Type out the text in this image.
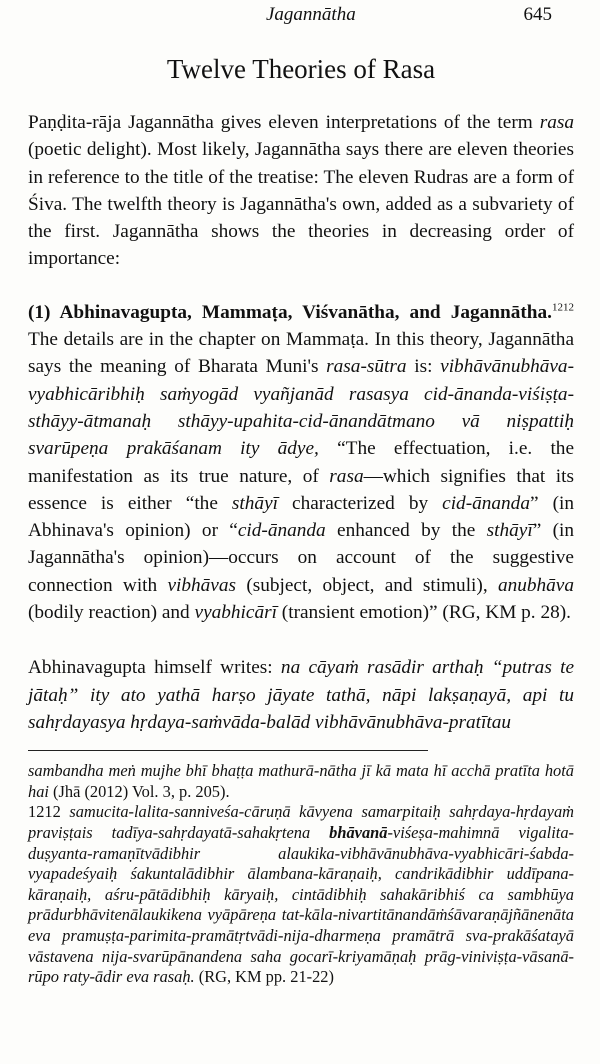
Jagannātha	645
Twelve Theories of Rasa

Paṇḍita-rāja Jagannātha gives eleven interpretations of the term rasa (poetic delight). Most likely, Jagannātha says there are eleven theories in reference to the title of the treatise: The eleven Rudras are a form of Śiva. The twelfth theory is Jagannātha's own, added as a subvariety of the first. Jagannātha shows the theories in decreasing order of importance:

(1) Abhinavagupta, Mammaṭa, Viśvanātha, and Jagannātha.$^{1212}$ The details are in the chapter on Mammaṭa. In this theory, Jagannātha says the meaning of Bharata Muni's rasa-sūtra is: vibhāvānubhāva-vyabhicāribhiḥ saṁyogād vyañjanād rasasya cid-ānanda-viśiṣṭa-sthāyy-ātmanaḥ sthāyy-upahita-cid-ānandātmano vā niṣpattiḥ svarūpeṇa prakāśanam ity ādye, “The effectuation, i.e. the manifestation as its true nature, of rasa—which signifies that its essence is either “the sthāyī characterized by cid-ānanda” (in Abhinava's opinion) or “cid-ānanda enhanced by the sthāyī” (in Jagannātha's opinion)—occurs on account of the suggestive connection with vibhāvas (subject, object, and stimuli), anubhāva (bodily reaction) and vyabhicārī (transient emotion)” (RG, KM p. 28).

Abhinavagupta himself writes: na cāyaṁ rasādir arthaḥ “putras te jātaḥ” ity ato yathā harṣo jāyate tathā, nāpi lakṣaṇayā, api tu sahṛdayasya hṛdaya-saṁvāda-balād vibhāvānubhāva-pratītau

sambandha meṅ mujhe bhī bhaṭṭa mathurā-nātha jī kā mata hī acchā pratīta hotā hai (Jhā (2012) Vol. 3, p. 205).

1212 samucita-lalita-sanniveśa-cāruṇā kāvyena samarpitaiḥ sahṛdaya-hṛdayaṁ praviṣṭais tadīya-sahṛdayatā-sahakṛtena bhāvanā-viśeṣa-mahimnā vigalita-duṣyanta-ramaṇītvādibhir alaukika-vibhāvānubhāva-vyabhicāri-śabda-vyapadeśyaiḥ śakuntalādibhir ālambana-kāraṇaiḥ, candrikādibhir uddīpana-kāraṇaiḥ, aśru-pātādibhiḥ kāryaiḥ, cintādibhiḥ sahakāribhiś ca sambhūya prādurbhāvitenālaukikena vyāpāreṇa tat-kāla-nivartitānandāṁśāvaraṇājñānenāta eva pramuṣṭa-parimita-pramātṛtvādi-nija-dharmeṇa pramātrā sva-prakāśatayā vāstavena nija-svarūpānandena saha gocarī-kriyamāṇaḥ prāg-viniviṣṭa-vāsanā-rūpo raty-ādir eva rasaḥ. (RG, KM pp. 21-22)
